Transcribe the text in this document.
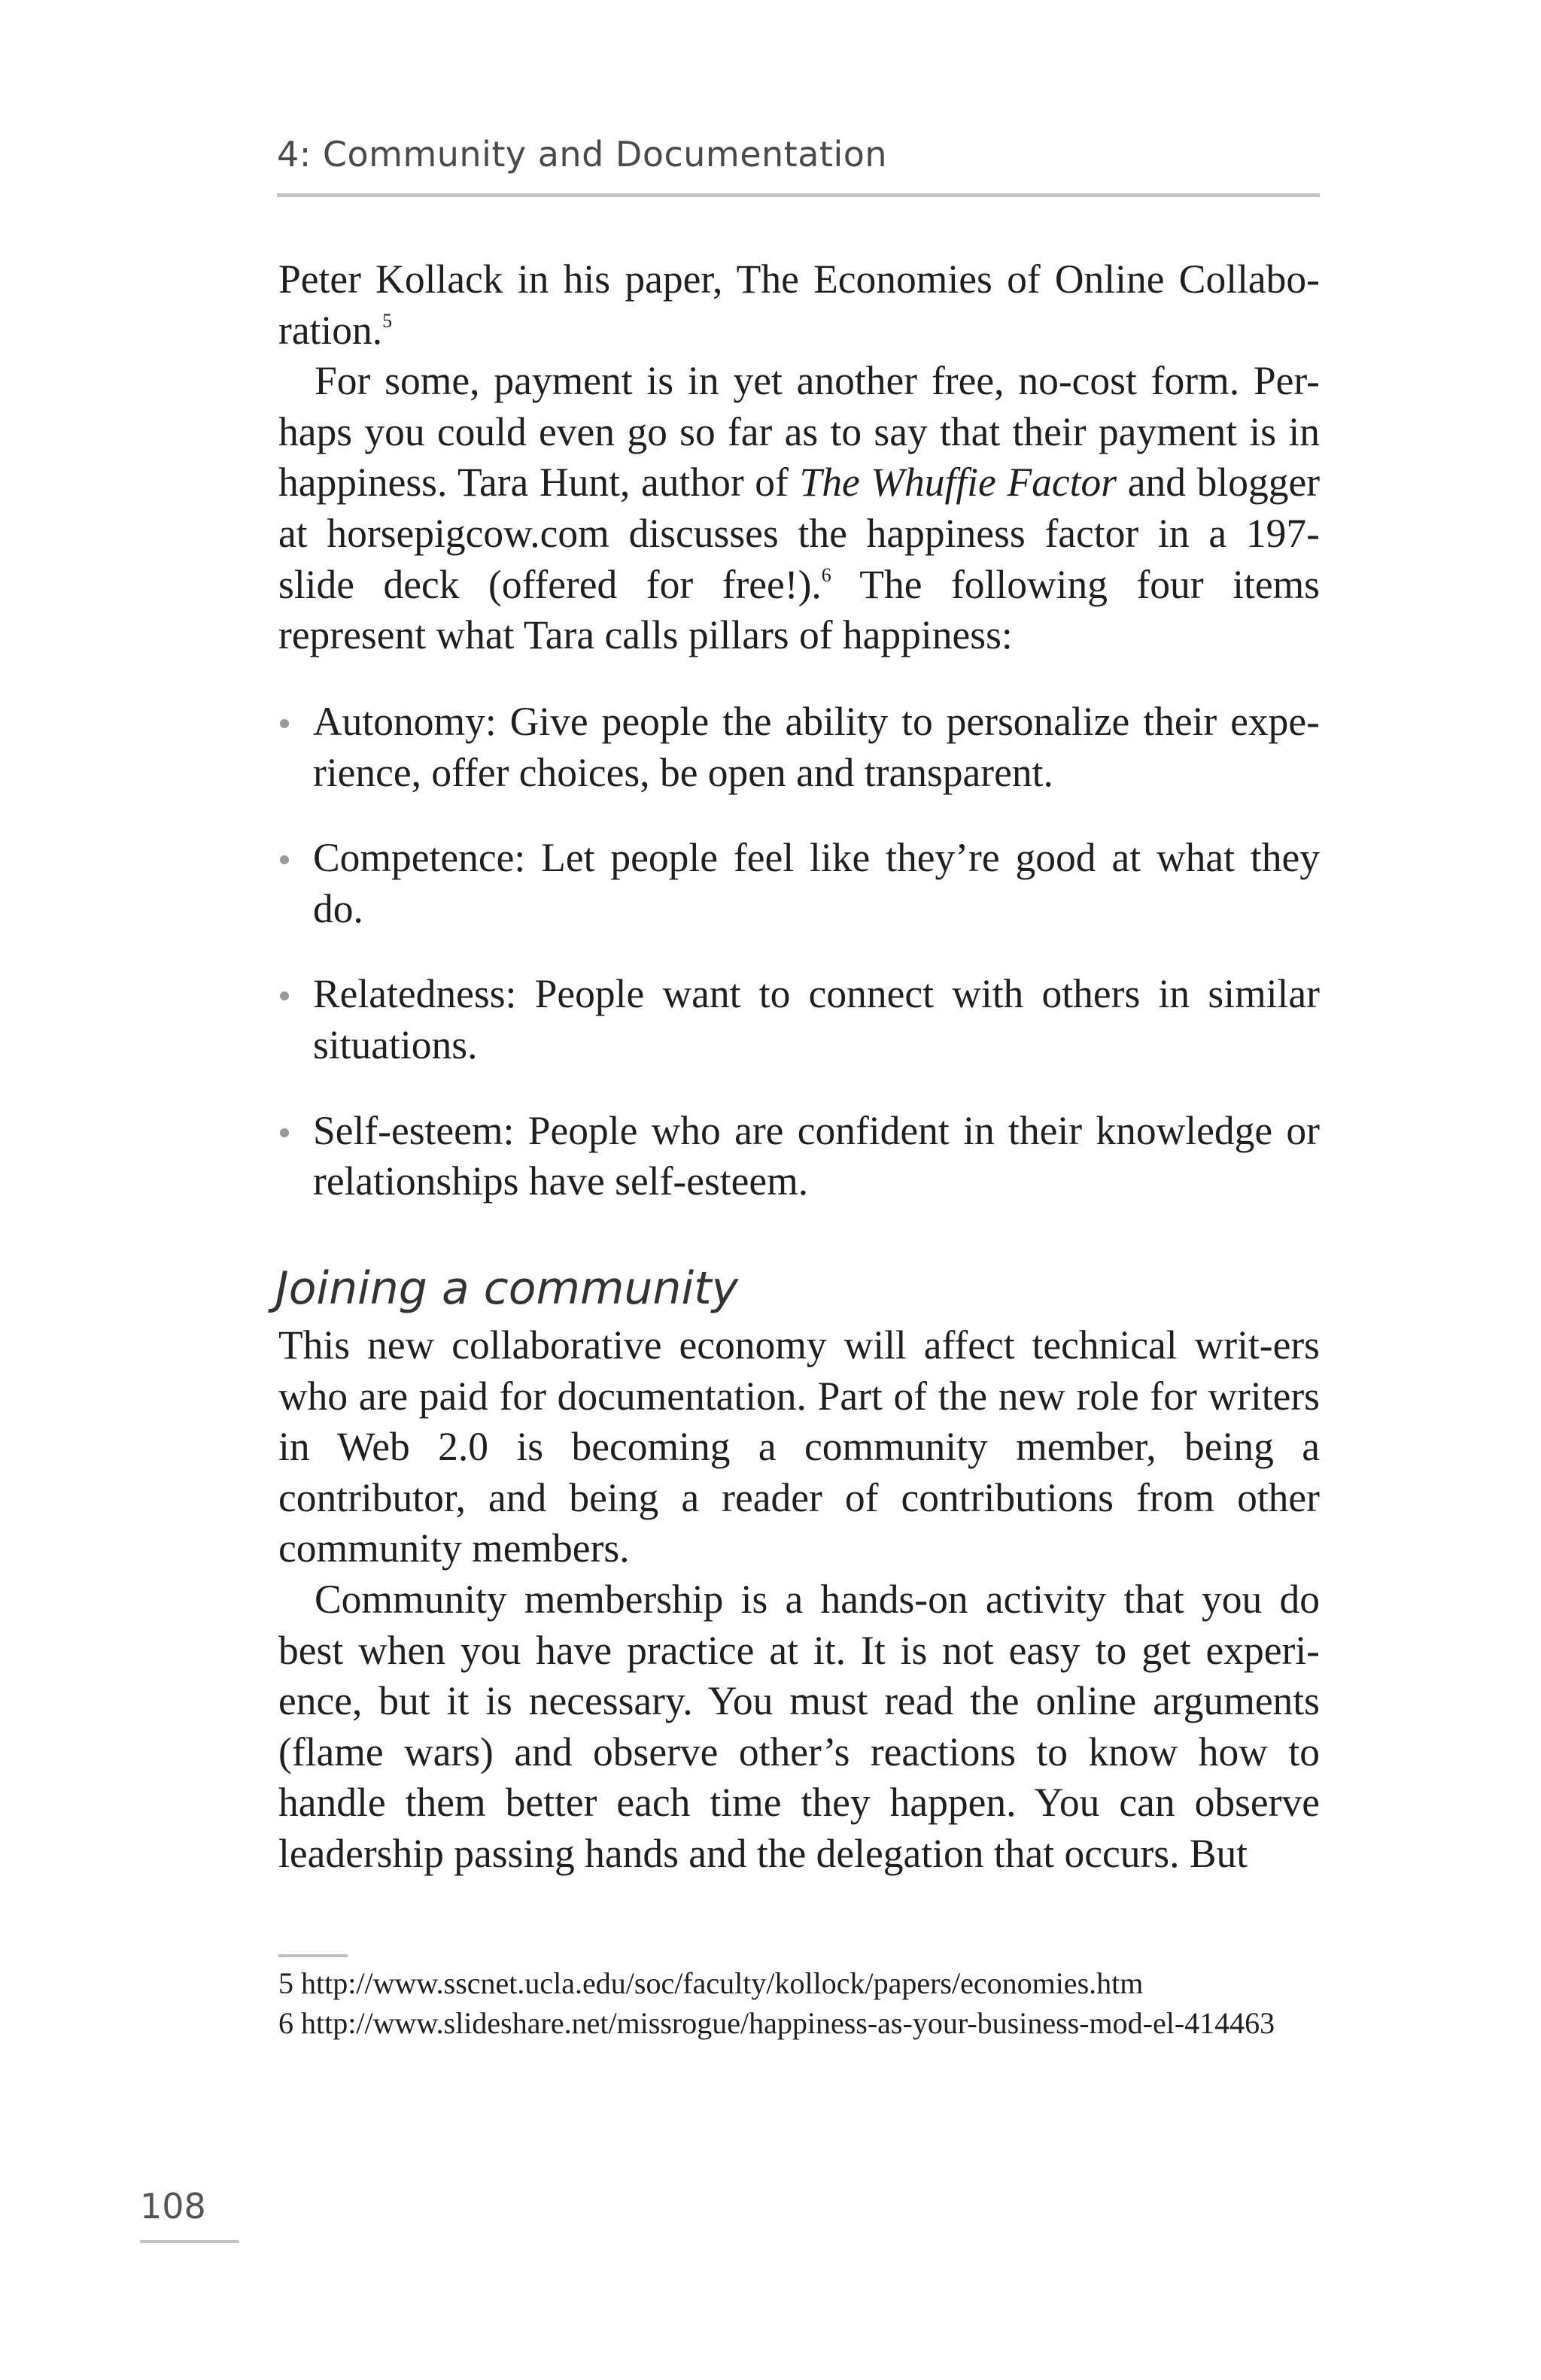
4: Community and Documentation

Peter Kollack in his paper, The Economies of Online Collabo-ration.$^5$

For some, payment is in yet another free, no-cost form. Per-haps you could even go so far as to say that their payment is in happiness. Tara Hunt, author of The Whuffie Factor and blogger at horsepigcow.com discusses the happiness factor in a 197-slide deck (offered for free!).$^6$ The following four items represent what Tara calls pillars of happiness:

Autonomy: Give people the ability to personalize their expe-rience, offer choices, be open and transparent.
Competence: Let people feel like they’re good at what they do.
Relatedness: People want to connect with others in similar situations.
Self-esteem: People who are confident in their knowledge or relationships have self-esteem.
Joining a community

This new collaborative economy will affect technical writ-ers who are paid for documentation. Part of the new role for writers in Web 2.0 is becoming a community member, being a contributor, and being a reader of contributions from other community members.

Community membership is a hands-on activity that you do best when you have practice at it. It is not easy to get experi-ence, but it is necessary. You must read the online arguments (flame wars) and observe other’s reactions to know how to handle them better each time they happen. You can observe leadership passing hands and the delegation that occurs. But

5 http://www.sscnet.ucla.edu/soc/faculty/kollock/papers/economies.htm

6 http://www.slideshare.net/missrogue/happiness-as-your-business-mod-el-414463

108
